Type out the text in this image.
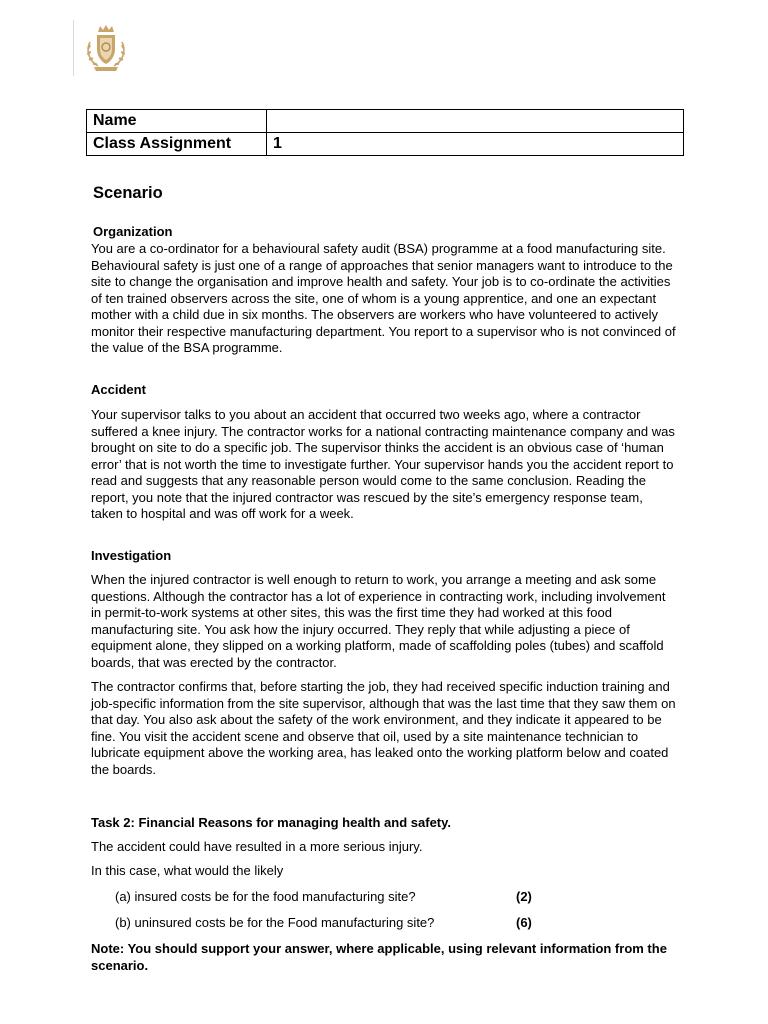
Name	
Class Assignment	1
Scenario

Organization

You are a co-ordinator for a behavioural safety audit (BSA) programme at a food manufacturing site. Behavioural safety is just one of a range of approaches that senior managers want to introduce to the site to change the organisation and improve health and safety. Your job is to co-ordinate the activities of ten trained observers across the site, one of whom is a young apprentice, and one an expectant mother with a child due in six months. The observers are workers who have volunteered to actively monitor their respective manufacturing department. You report to a supervisor who is not convinced of the value of the BSA programme.

Accident

Your supervisor talks to you about an accident that occurred two weeks ago, where a contractor suffered a knee injury. The contractor works for a national contracting maintenance company and was brought on site to do a specific job. The supervisor thinks the accident is an obvious case of ‘human error’ that is not worth the time to investigate further. Your supervisor hands you the accident report to read and suggests that any reasonable person would come to the same conclusion. Reading the report, you note that the injured contractor was rescued by the site’s emergency response team, taken to hospital and was off work for a week.

Investigation

When the injured contractor is well enough to return to work, you arrange a meeting and ask some questions. Although the contractor has a lot of experience in contracting work, including involvement in permit-to-work systems at other sites, this was the first time they had worked at this food manufacturing site. You ask how the injury occurred. They reply that while adjusting a piece of equipment alone, they slipped on a working platform, made of scaffolding poles (tubes) and scaffold boards, that was erected by the contractor.

The contractor confirms that, before starting the job, they had received specific induction training and job-specific information from the site supervisor, although that was the last time that they saw them on that day. You also ask about the safety of the work environment, and they indicate it appeared to be fine. You visit the accident scene and observe that oil, used by a site maintenance technician to lubricate equipment above the working area, has leaked onto the working platform below and coated the boards.

Task 2: Financial Reasons for managing health and safety.

The accident could have resulted in a more serious injury.

In this case, what would the likely

(a) insured costs be for the food manufacturing site?	(2)

(b) uninsured costs be for the Food manufacturing site?	(6)

Note: You should support your answer, where applicable, using relevant information from the scenario.
